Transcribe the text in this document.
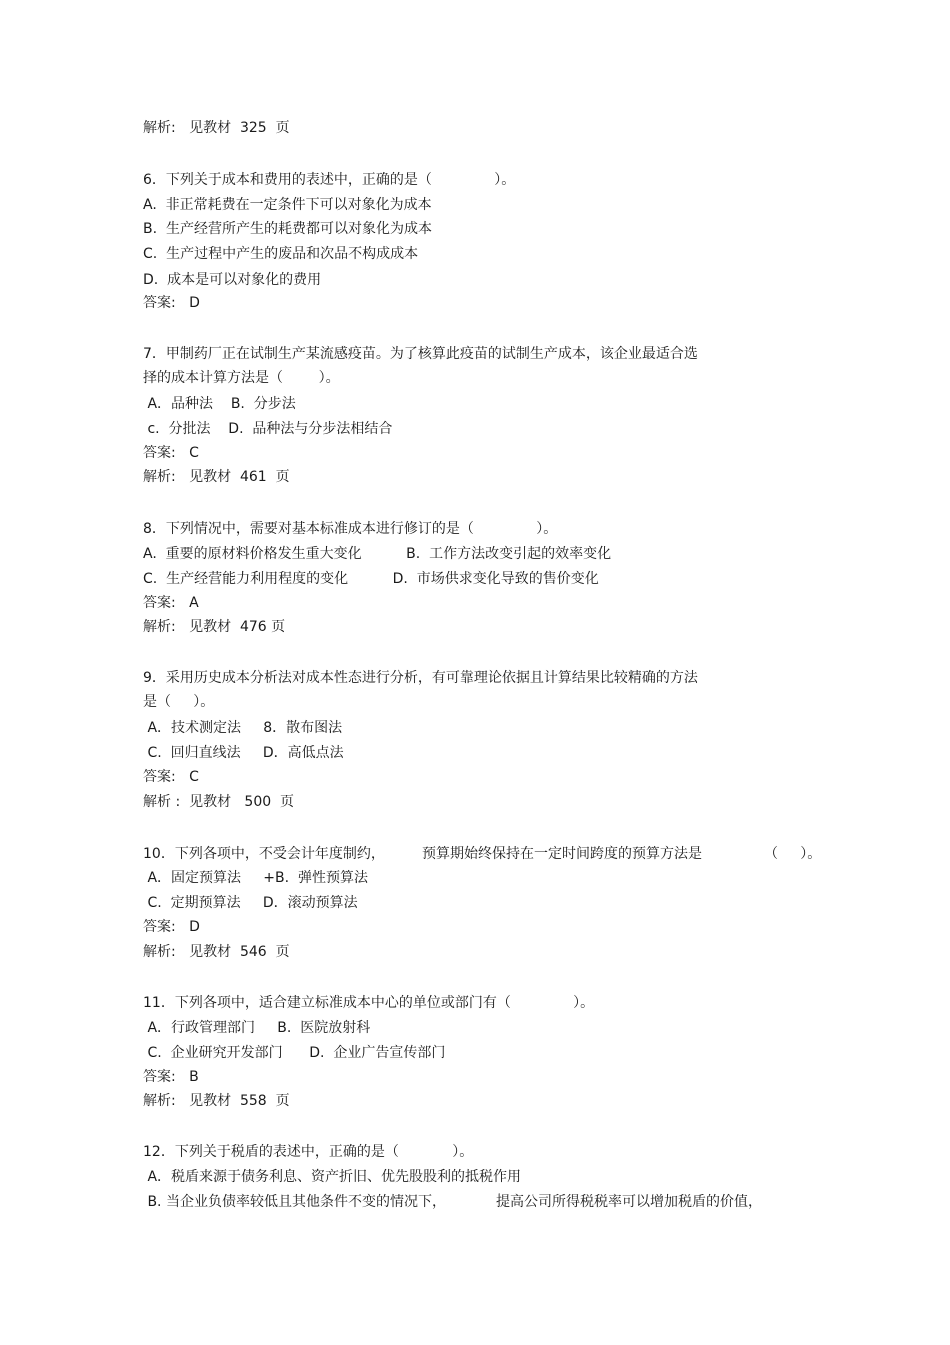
解析:   见教材  325  页
6．下列关于成本和费用的表述中，正确的是（              ）。
A.  非正常耗费在一定条件下可以对象化为成本
B.  生产经营所产生的耗费都可以对象化为成本
C.  生产过程中产生的废品和次品不构成成本
D.  成本是可以对象化的费用
答案:   D
7．甲制药厂正在试制生产某流感疫苗。为了核算此疫苗的试制生产成本，该企业最适合选
择的成本计算方法是（        ）。
A．品种法    B.  分步法
c.  分批法    D.  品种法与分步法相结合
答案:   C
解析:   见教材  461  页
8．下列情况中，需要对基本标准成本进行修订的是（              ）。
A.  重要的原材料价格发生重大变化          B.  工作方法改变引起的效率变化
C.  生产经营能力利用程度的变化          D.  市场供求变化导致的售价变化
答案:   A
解析:   见教材  476 页
9．采用历史成本分析法对成本性态进行分析，有可靠理论依据且计算结果比较精确的方法
是（     ）。
A．技术测定法     8．散布图法
C.  回归直线法     D．高低点法
答案:   C
解析 :  见教材   500  页
10．下列各项中，不受会计年度制约，	预算期始终保持在一定时间跨度的预算方法是	（     ）。
A．固定预算法     +B.  弹性预算法
C.  定期预算法     D．滚动预算法
答案:   D
解析:   见教材  546  页
11．下列各项中，适合建立标准成本中心的单位或部门有（              ）。
A．行政管理部门     B.  医院放射科
C.  企业研究开发部门      D.  企业广告宣传部门
答案:   B
解析:   见教材  558  页
12．下列关于税盾的表述中，正确的是（            ）。
A．税盾来源于债务利息、资产折旧、优先股股利的抵税作用
B. 当企业负债率较低且其他条件不变的情况下，	提高公司所得税税率可以增加税盾的价值，
